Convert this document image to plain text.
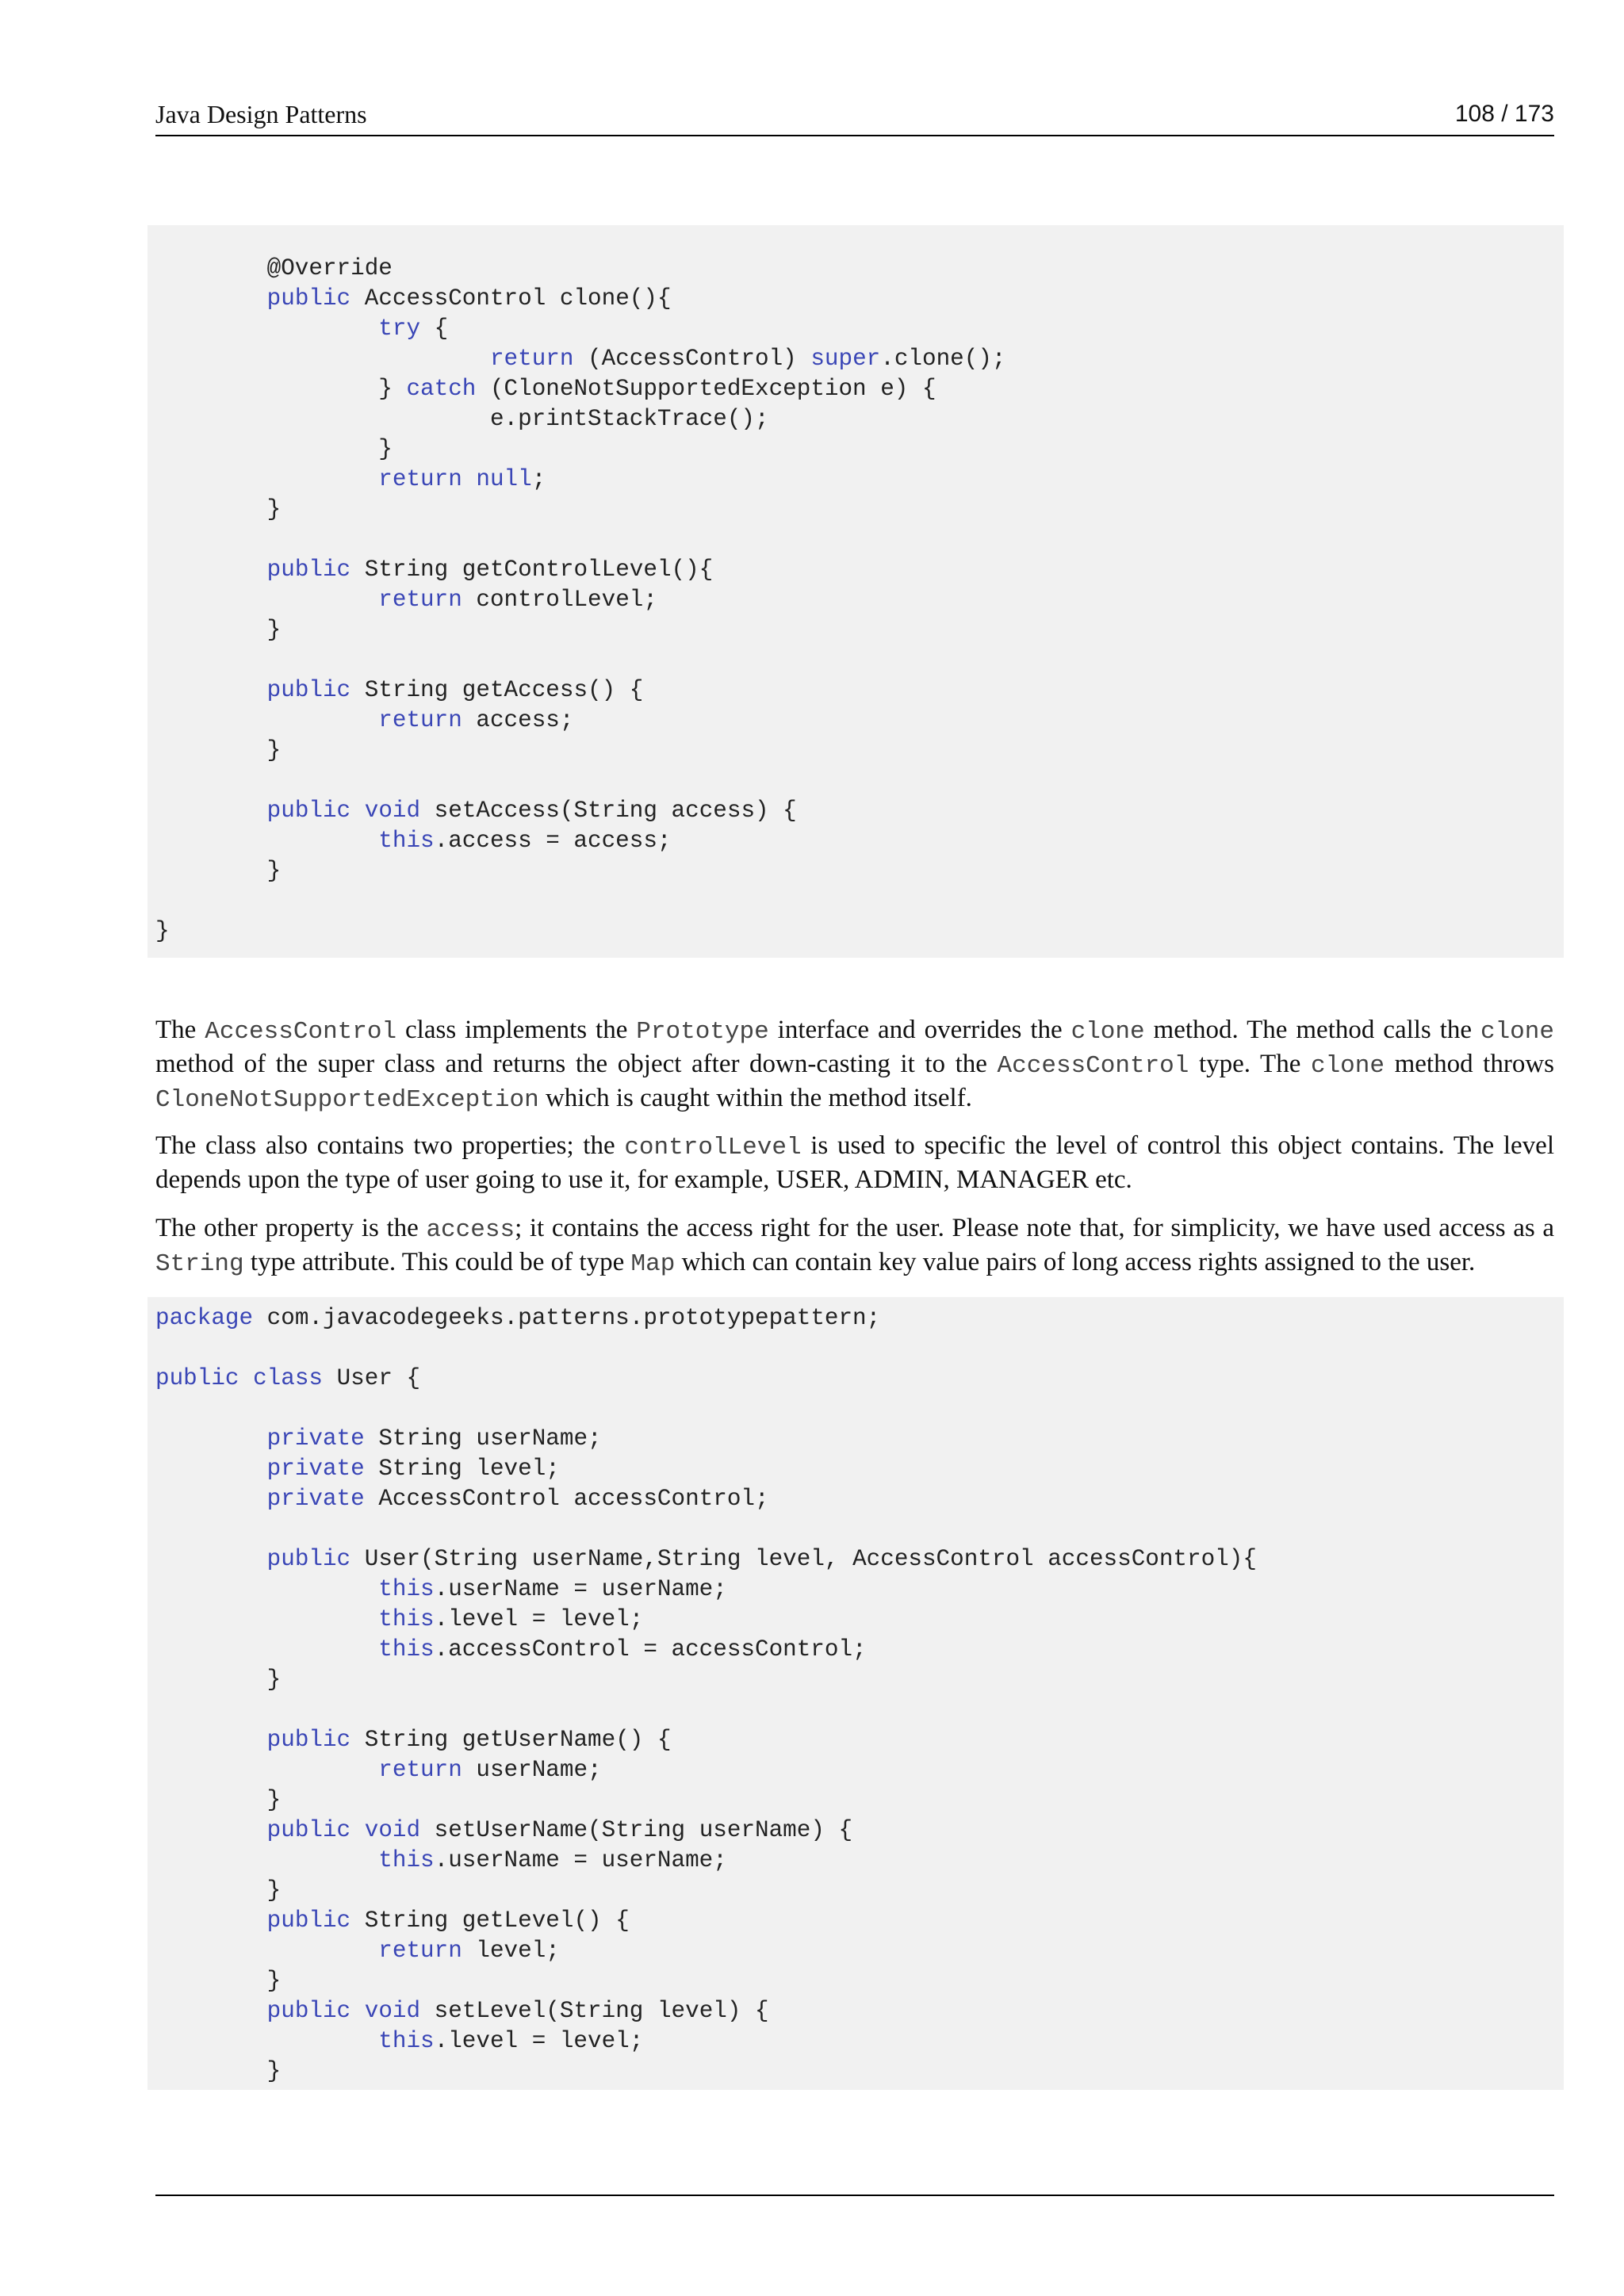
Java Design Patterns	108 / 173
@Override
public AccessControl clone(){
try {
return (AccessControl) super.clone();
} catch (CloneNotSupportedException e) {
e.printStackTrace();
}
return null;
}
public String getControlLevel(){
return controlLevel;
}
public String getAccess() {
return access;
}
public void setAccess(String access) {
this.access = access;
}
}

The AccessControl class implements the Prototype interface and overrides the clone method. The method calls the clone method of the super class and returns the object after down-casting it to the AccessControl type. The clone method throws CloneNotSupportedException which is caught within the method itself.

The class also contains two properties; the controlLevel is used to specific the level of control this object contains. The level depends upon the type of user going to use it, for example, USER, ADMIN, MANAGER etc.

The other property is the access; it contains the access right for the user. Please note that, for simplicity, we have used access as a String type attribute. This could be of type Map which can contain key value pairs of long access rights assigned to the user.

package com.javacodegeeks.patterns.prototypepattern;
public class User {
private String userName;
private String level;
private AccessControl accessControl;
public User(String userName,String level, AccessControl accessControl){
this.userName = userName;
this.level = level;
this.accessControl = accessControl;
}
public String getUserName() {
return userName;
}
public void setUserName(String userName) {
this.userName = userName;
}
public String getLevel() {
return level;
}
public void setLevel(String level) {
this.level = level;
}
